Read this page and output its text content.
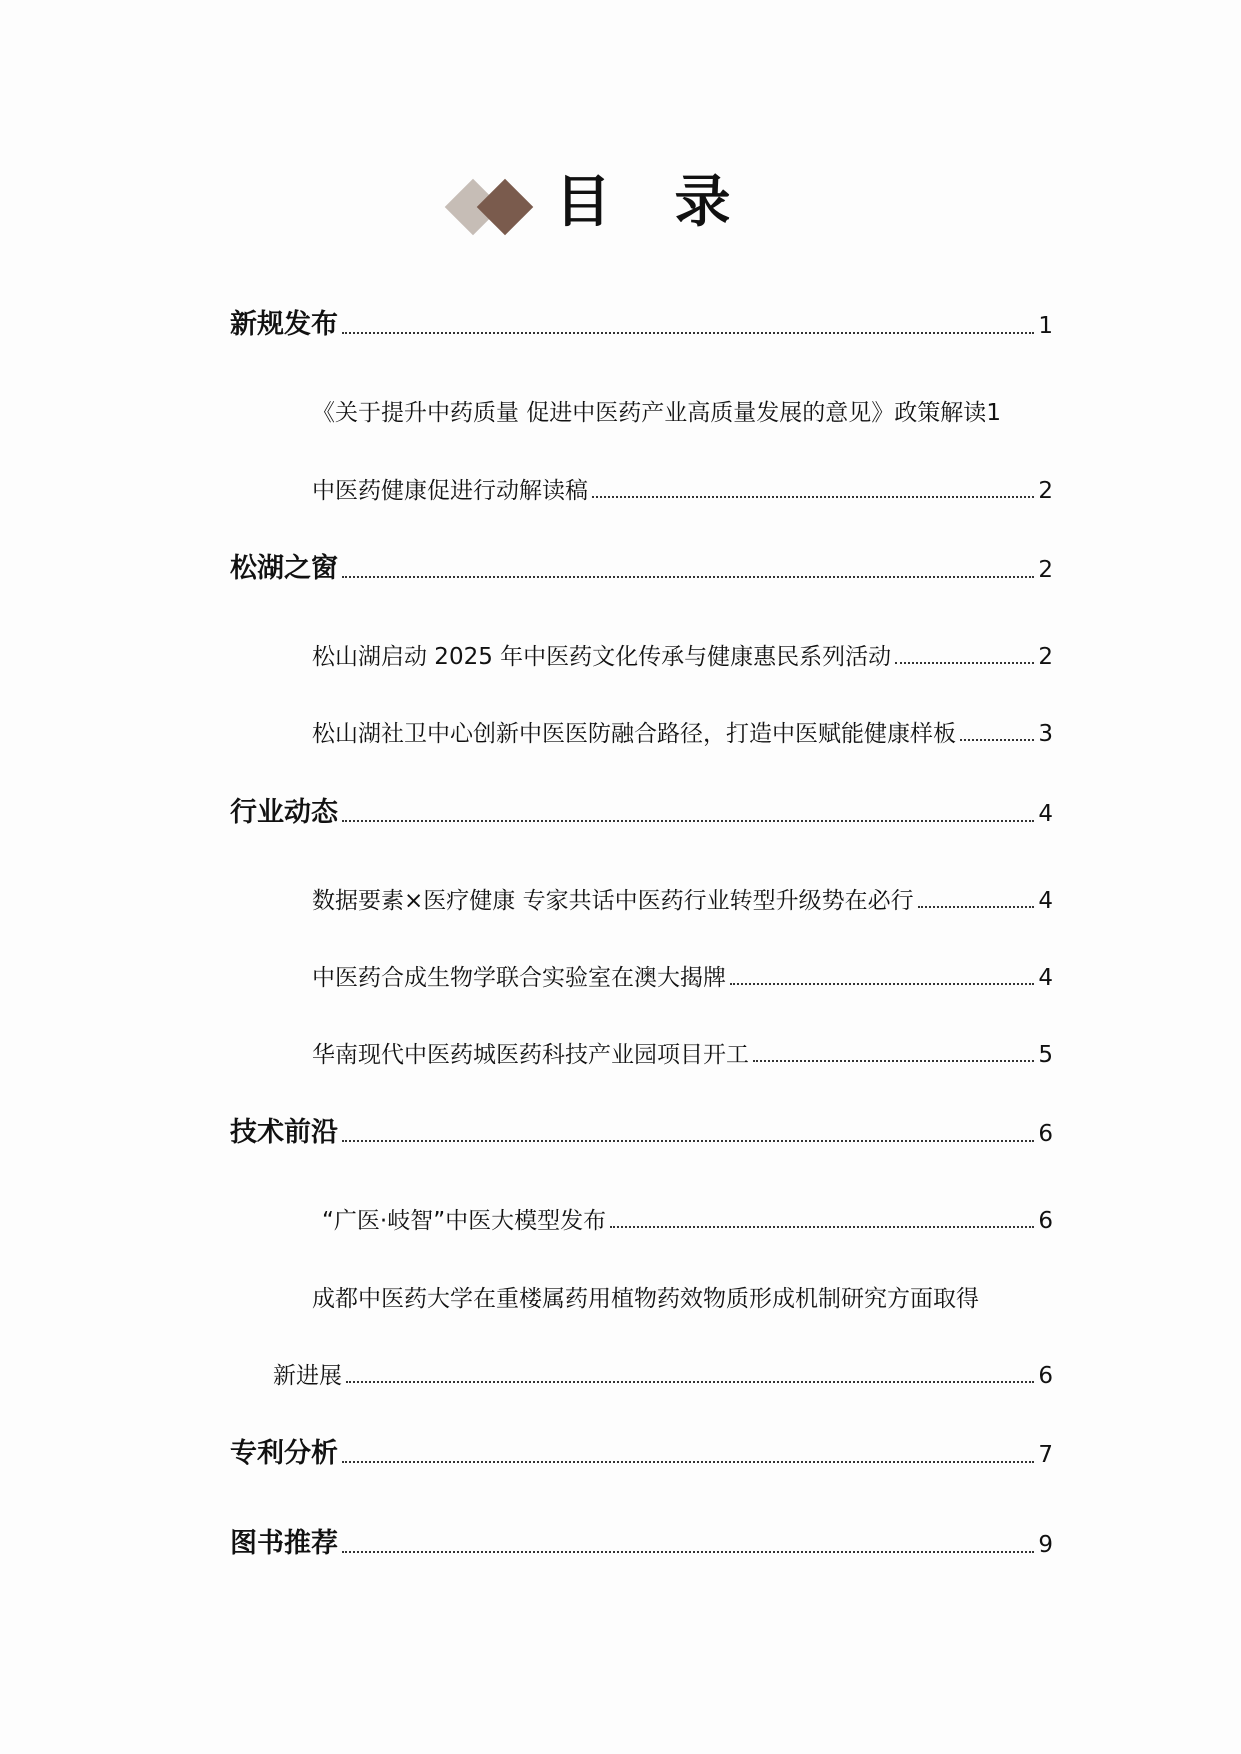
目 录
新规发布	1
《关于提升中药质量 促进中医药产业高质量发展的意见》政策解读 1
中医药健康促进行动解读稿	2
松湖之窗	2
松山湖启动 2025 年中医药文化传承与健康惠民系列活动	2
松山湖社卫中心创新中医医防融合路径，打造中医赋能健康样板	3
行业动态	4
数据要素×医疗健康 专家共话中医药行业转型升级势在必行	4
中医药合成生物学联合实验室在澳大揭牌	4
华南现代中医药城医药科技产业园项目开工	5
技术前沿	6
“广医·岐智”中医大模型发布	6
成都中医药大学在重楼属药用植物药效物质形成机制研究方面取得
新进展	6
专利分析	7
图书推荐	9
